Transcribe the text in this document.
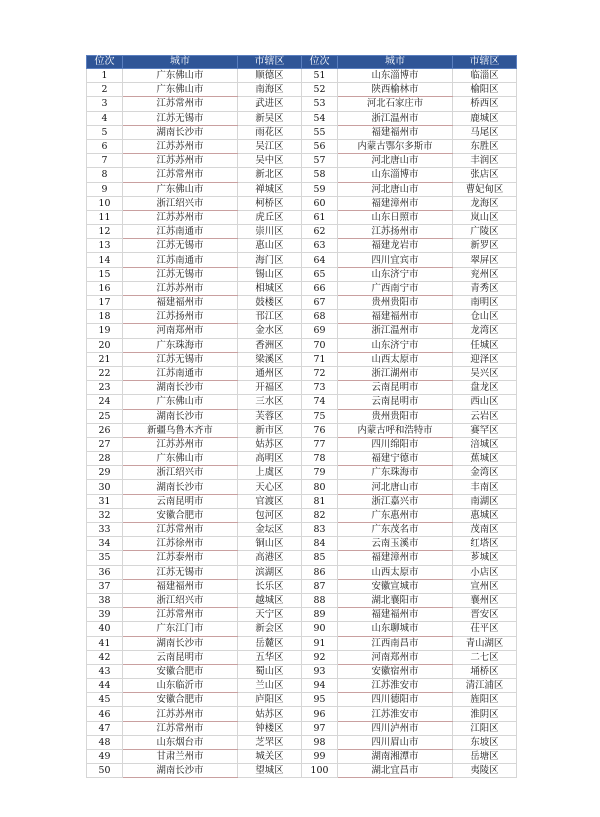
位次	城市	市辖区	位次	城市	市辖区
1	广东佛山市	顺德区	51	山东淄博市	临淄区
2	广东佛山市	南海区	52	陕西榆林市	榆阳区
3	江苏常州市	武进区	53	河北石家庄市	桥西区
4	江苏无锡市	新吴区	54	浙江温州市	鹿城区
5	湖南长沙市	雨花区	55	福建福州市	马尾区
6	江苏苏州市	吴江区	56	内蒙古鄂尔多斯市	东胜区
7	江苏苏州市	吴中区	57	河北唐山市	丰润区
8	江苏常州市	新北区	58	山东淄博市	张店区
9	广东佛山市	禅城区	59	河北唐山市	曹妃甸区
10	浙江绍兴市	柯桥区	60	福建漳州市	龙海区
11	江苏苏州市	虎丘区	61	山东日照市	岚山区
12	江苏南通市	崇川区	62	江苏扬州市	广陵区
13	江苏无锡市	惠山区	63	福建龙岩市	新罗区
14	江苏南通市	海门区	64	四川宜宾市	翠屏区
15	江苏无锡市	锡山区	65	山东济宁市	兖州区
16	江苏苏州市	相城区	66	广西南宁市	青秀区
17	福建福州市	鼓楼区	67	贵州贵阳市	南明区
18	江苏扬州市	邗江区	68	福建福州市	仓山区
19	河南郑州市	金水区	69	浙江温州市	龙湾区
20	广东珠海市	香洲区	70	山东济宁市	任城区
21	江苏无锡市	梁溪区	71	山西太原市	迎泽区
22	江苏南通市	通州区	72	浙江湖州市	吴兴区
23	湖南长沙市	开福区	73	云南昆明市	盘龙区
24	广东佛山市	三水区	74	云南昆明市	西山区
25	湖南长沙市	芙蓉区	75	贵州贵阳市	云岩区
26	新疆乌鲁木齐市	新市区	76	内蒙古呼和浩特市	赛罕区
27	江苏苏州市	姑苏区	77	四川绵阳市	涪城区
28	广东佛山市	高明区	78	福建宁德市	蕉城区
29	浙江绍兴市	上虞区	79	广东珠海市	金湾区
30	湖南长沙市	天心区	80	河北唐山市	丰南区
31	云南昆明市	官渡区	81	浙江嘉兴市	南湖区
32	安徽合肥市	包河区	82	广东惠州市	惠城区
33	江苏常州市	金坛区	83	广东茂名市	茂南区
34	江苏徐州市	铜山区	84	云南玉溪市	红塔区
35	江苏泰州市	高港区	85	福建漳州市	芗城区
36	江苏无锡市	滨湖区	86	山西太原市	小店区
37	福建福州市	长乐区	87	安徽宣城市	宣州区
38	浙江绍兴市	越城区	88	湖北襄阳市	襄州区
39	江苏常州市	天宁区	89	福建福州市	晋安区
40	广东江门市	新会区	90	山东聊城市	茌平区
41	湖南长沙市	岳麓区	91	江西南昌市	青山湖区
42	云南昆明市	五华区	92	河南郑州市	二七区
43	安徽合肥市	蜀山区	93	安徽宿州市	埇桥区
44	山东临沂市	兰山区	94	江苏淮安市	清江浦区
45	安徽合肥市	庐阳区	95	四川德阳市	旌阳区
46	江苏苏州市	姑苏区	96	江苏淮安市	淮阴区
47	江苏常州市	钟楼区	97	四川泸州市	江阳区
48	山东烟台市	芝罘区	98	四川眉山市	东坡区
49	甘肃兰州市	城关区	99	湖南湘潭市	岳塘区
50	湖南长沙市	望城区	100	湖北宜昌市	夷陵区
